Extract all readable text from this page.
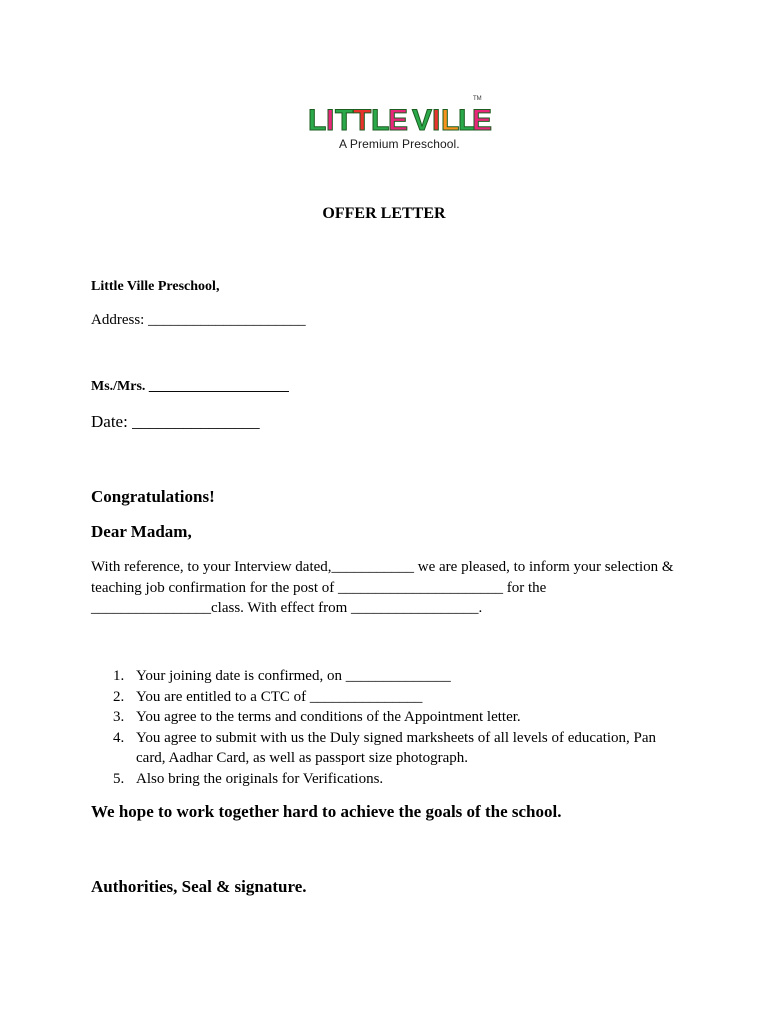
L I T T L
E V I L
L
E
TM
A Premium Preschool.
OFFER LETTER
Little Ville Preschool,
Address: _____________________
Ms./Mrs. ____________________
Date: _______________
Congratulations!
Dear Madam,
With reference, to your Interview dated,___________ we are pleased, to inform your selection &
teaching job confirmation for the post of ______________________ for the
________________class. With effect from _________________.
1. Your joining date is confirmed, on ______________
2. You are entitled to a CTC of _______________
3. You agree to the terms and conditions of the Appointment letter.
4. You agree to submit with us the Duly signed marksheets of all levels of education, Pan
card, Aadhar Card, as well as passport size photograph.
5. Also bring the originals for Verifications.
We hope to work together hard to achieve the goals of the school.
Authorities, Seal & signature.
